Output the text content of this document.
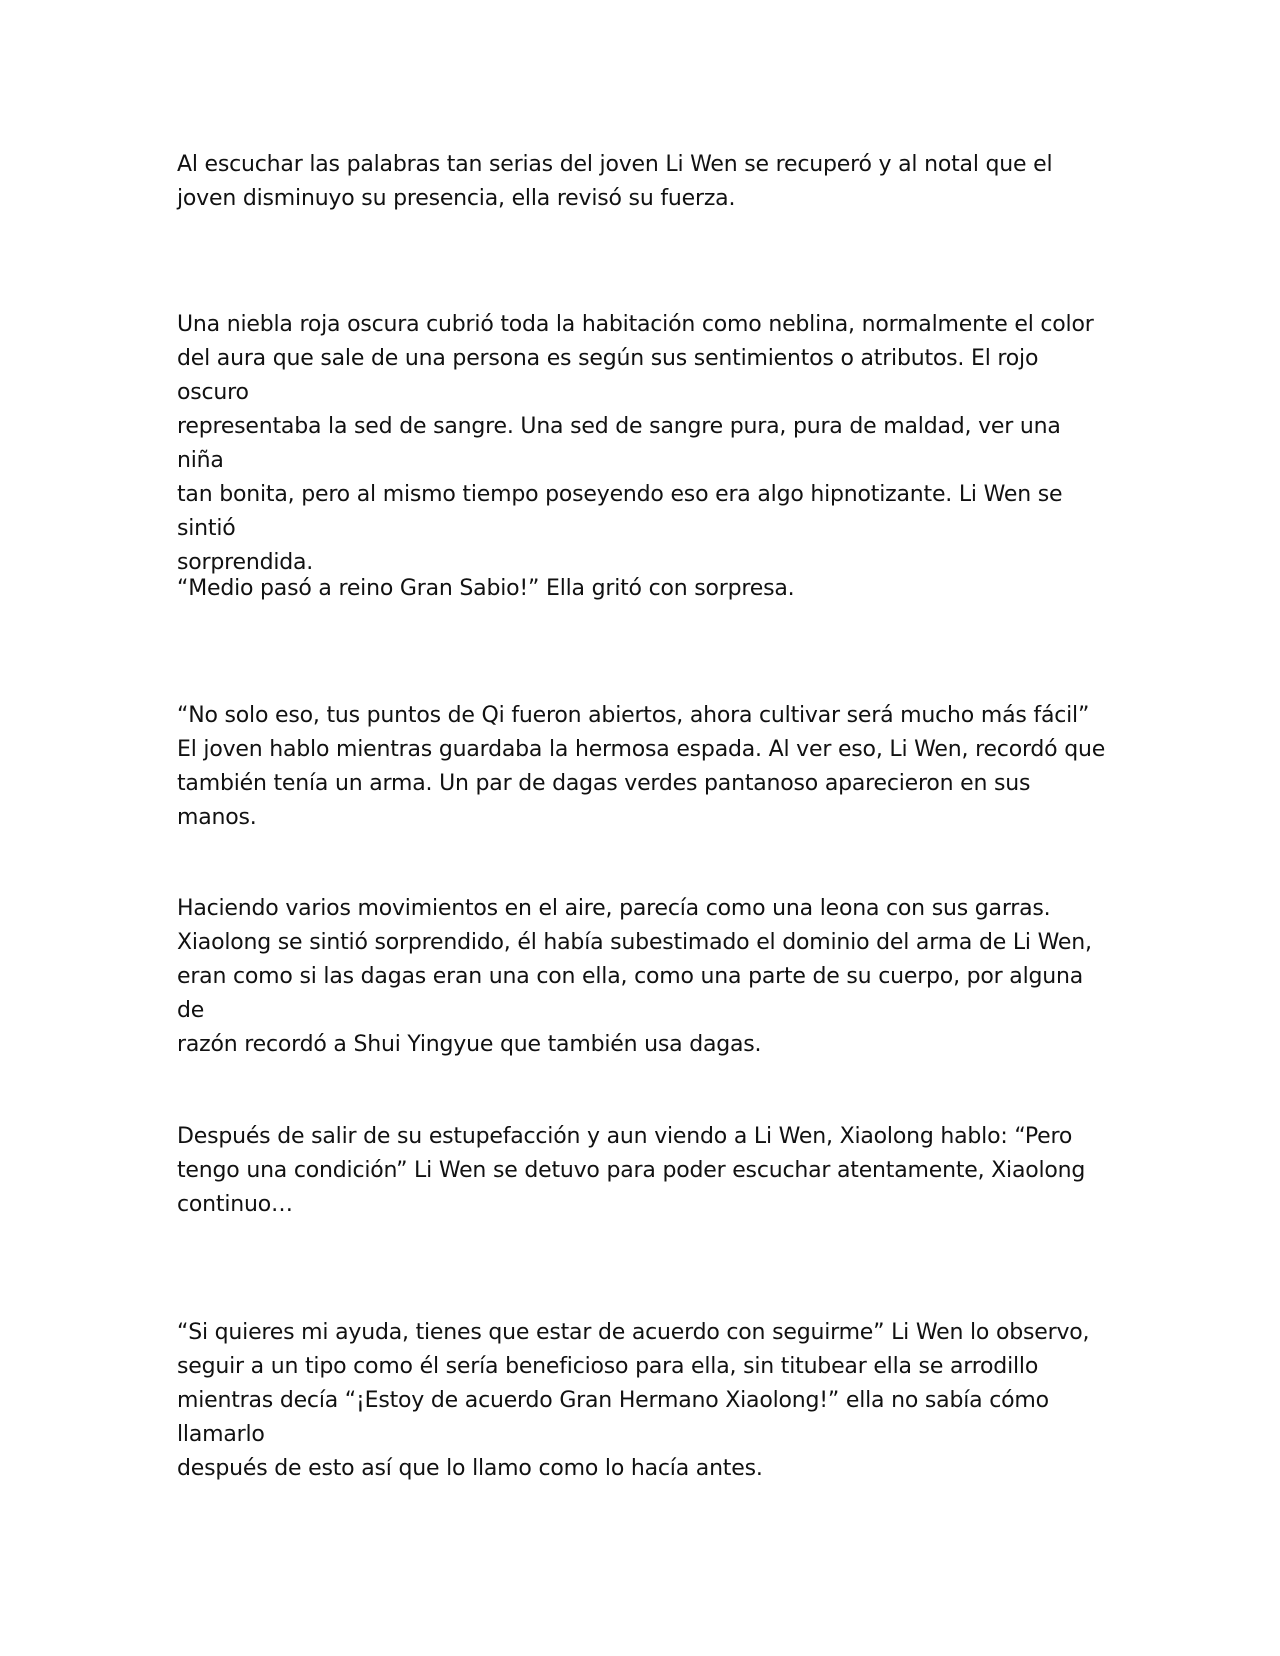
Al escuchar las palabras tan serias del joven Li Wen se recuperó y al notal que el
joven disminuyo su presencia, ella revisó su fuerza.

Una niebla roja oscura cubrió toda la habitación como neblina, normalmente el color
del aura que sale de una persona es según sus sentimientos o atributos. El rojo oscuro
representaba la sed de sangre. Una sed de sangre pura, pura de maldad, ver una niña
tan bonita, pero al mismo tiempo poseyendo eso era algo hipnotizante. Li Wen se sintió
sorprendida.

“Medio pasó a reino Gran Sabio!” Ella gritó con sorpresa.

“No solo eso, tus puntos de Qi fueron abiertos, ahora cultivar será mucho más fácil”
El joven hablo mientras guardaba la hermosa espada. Al ver eso, Li Wen, recordó que
también tenía un arma. Un par de dagas verdes pantanoso aparecieron en sus manos.

Haciendo varios movimientos en el aire, parecía como una leona con sus garras.
Xiaolong se sintió sorprendido, él había subestimado el dominio del arma de Li Wen,
eran como si las dagas eran una con ella, como una parte de su cuerpo, por alguna de
razón recordó a Shui Yingyue que también usa dagas.

Después de salir de su estupefacción y aun viendo a Li Wen, Xiaolong hablo: “Pero
tengo una condición” Li Wen se detuvo para poder escuchar atentamente, Xiaolong
continuo…

“Si quieres mi ayuda, tienes que estar de acuerdo con seguirme” Li Wen lo observo,
seguir a un tipo como él sería beneficioso para ella, sin titubear ella se arrodillo
mientras decía “¡Estoy de acuerdo Gran Hermano Xiaolong!” ella no sabía cómo llamarlo
después de esto así que lo llamo como lo hacía antes.
